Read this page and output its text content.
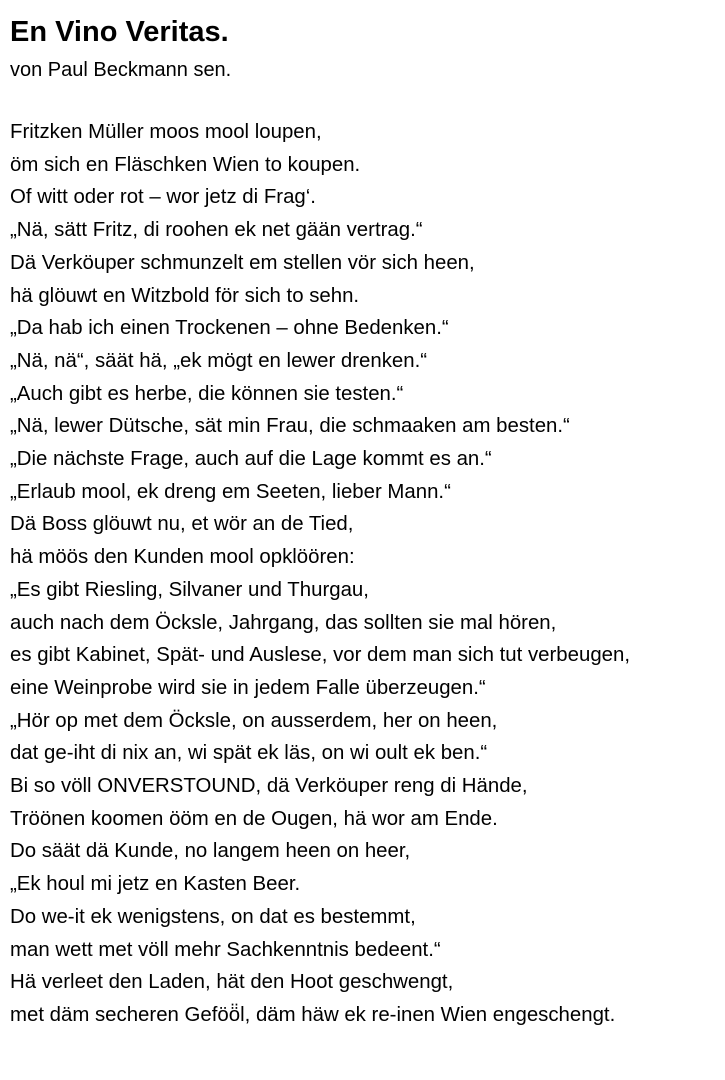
En Vino Veritas.

von Paul Beckmann sen.

Fritzken Müller moos mool loupen,
öm sich en Fläschken Wien to koupen.
Of witt oder rot – wor jetz di Frag‘.
„Nä, sätt Fritz, di roohen ek net gään vertrag.“
Dä Verköuper schmunzelt em stellen vör sich heen,
hä glöuwt en Witzbold för sich to sehn.
„Da hab ich einen Trockenen – ohne Bedenken.“
„Nä, nä“, säät hä, „ek mögt en lewer drenken.“
„Auch gibt es herbe, die können sie testen.“
„Nä, lewer Dütsche, sät min Frau, die schmaaken am besten.“
„Die nächste Frage, auch auf die Lage kommt es an.“
„Erlaub mool, ek dreng em Seeten, lieber Mann.“
Dä Boss glöuwt nu, et wör an de Tied,
hä möös den Kunden mool opklöören:
„Es gibt Riesling, Silvaner und Thurgau,
auch nach dem Öcksle, Jahrgang, das sollten sie mal hören,
es gibt Kabinet, Spät- und Auslese, vor dem man sich tut verbeugen,
eine Weinprobe wird sie in jedem Falle überzeugen.“
„Hör op met dem Öcksle, on ausserdem, her on heen,
dat ge-iht di nix an, wi spät ek läs, on wi oult ek ben.“
Bi so völl ONVERSTOUND, dä Verköuper reng di Hände,
Tröönen koomen ööm en de Ougen, hä wor am Ende.
Do säät dä Kunde, no langem heen on heer,
„Ek houl mi jetz en Kasten Beer.
Do we-it ek wenigstens, on dat es bestemmt,
man wett met völl mehr Sachkenntnis bedeent.“
Hä verleet den Laden, hät den Hoot geschwengt,
met däm secheren Geföö̈l, däm häw ek re-inen Wien engeschengt.
